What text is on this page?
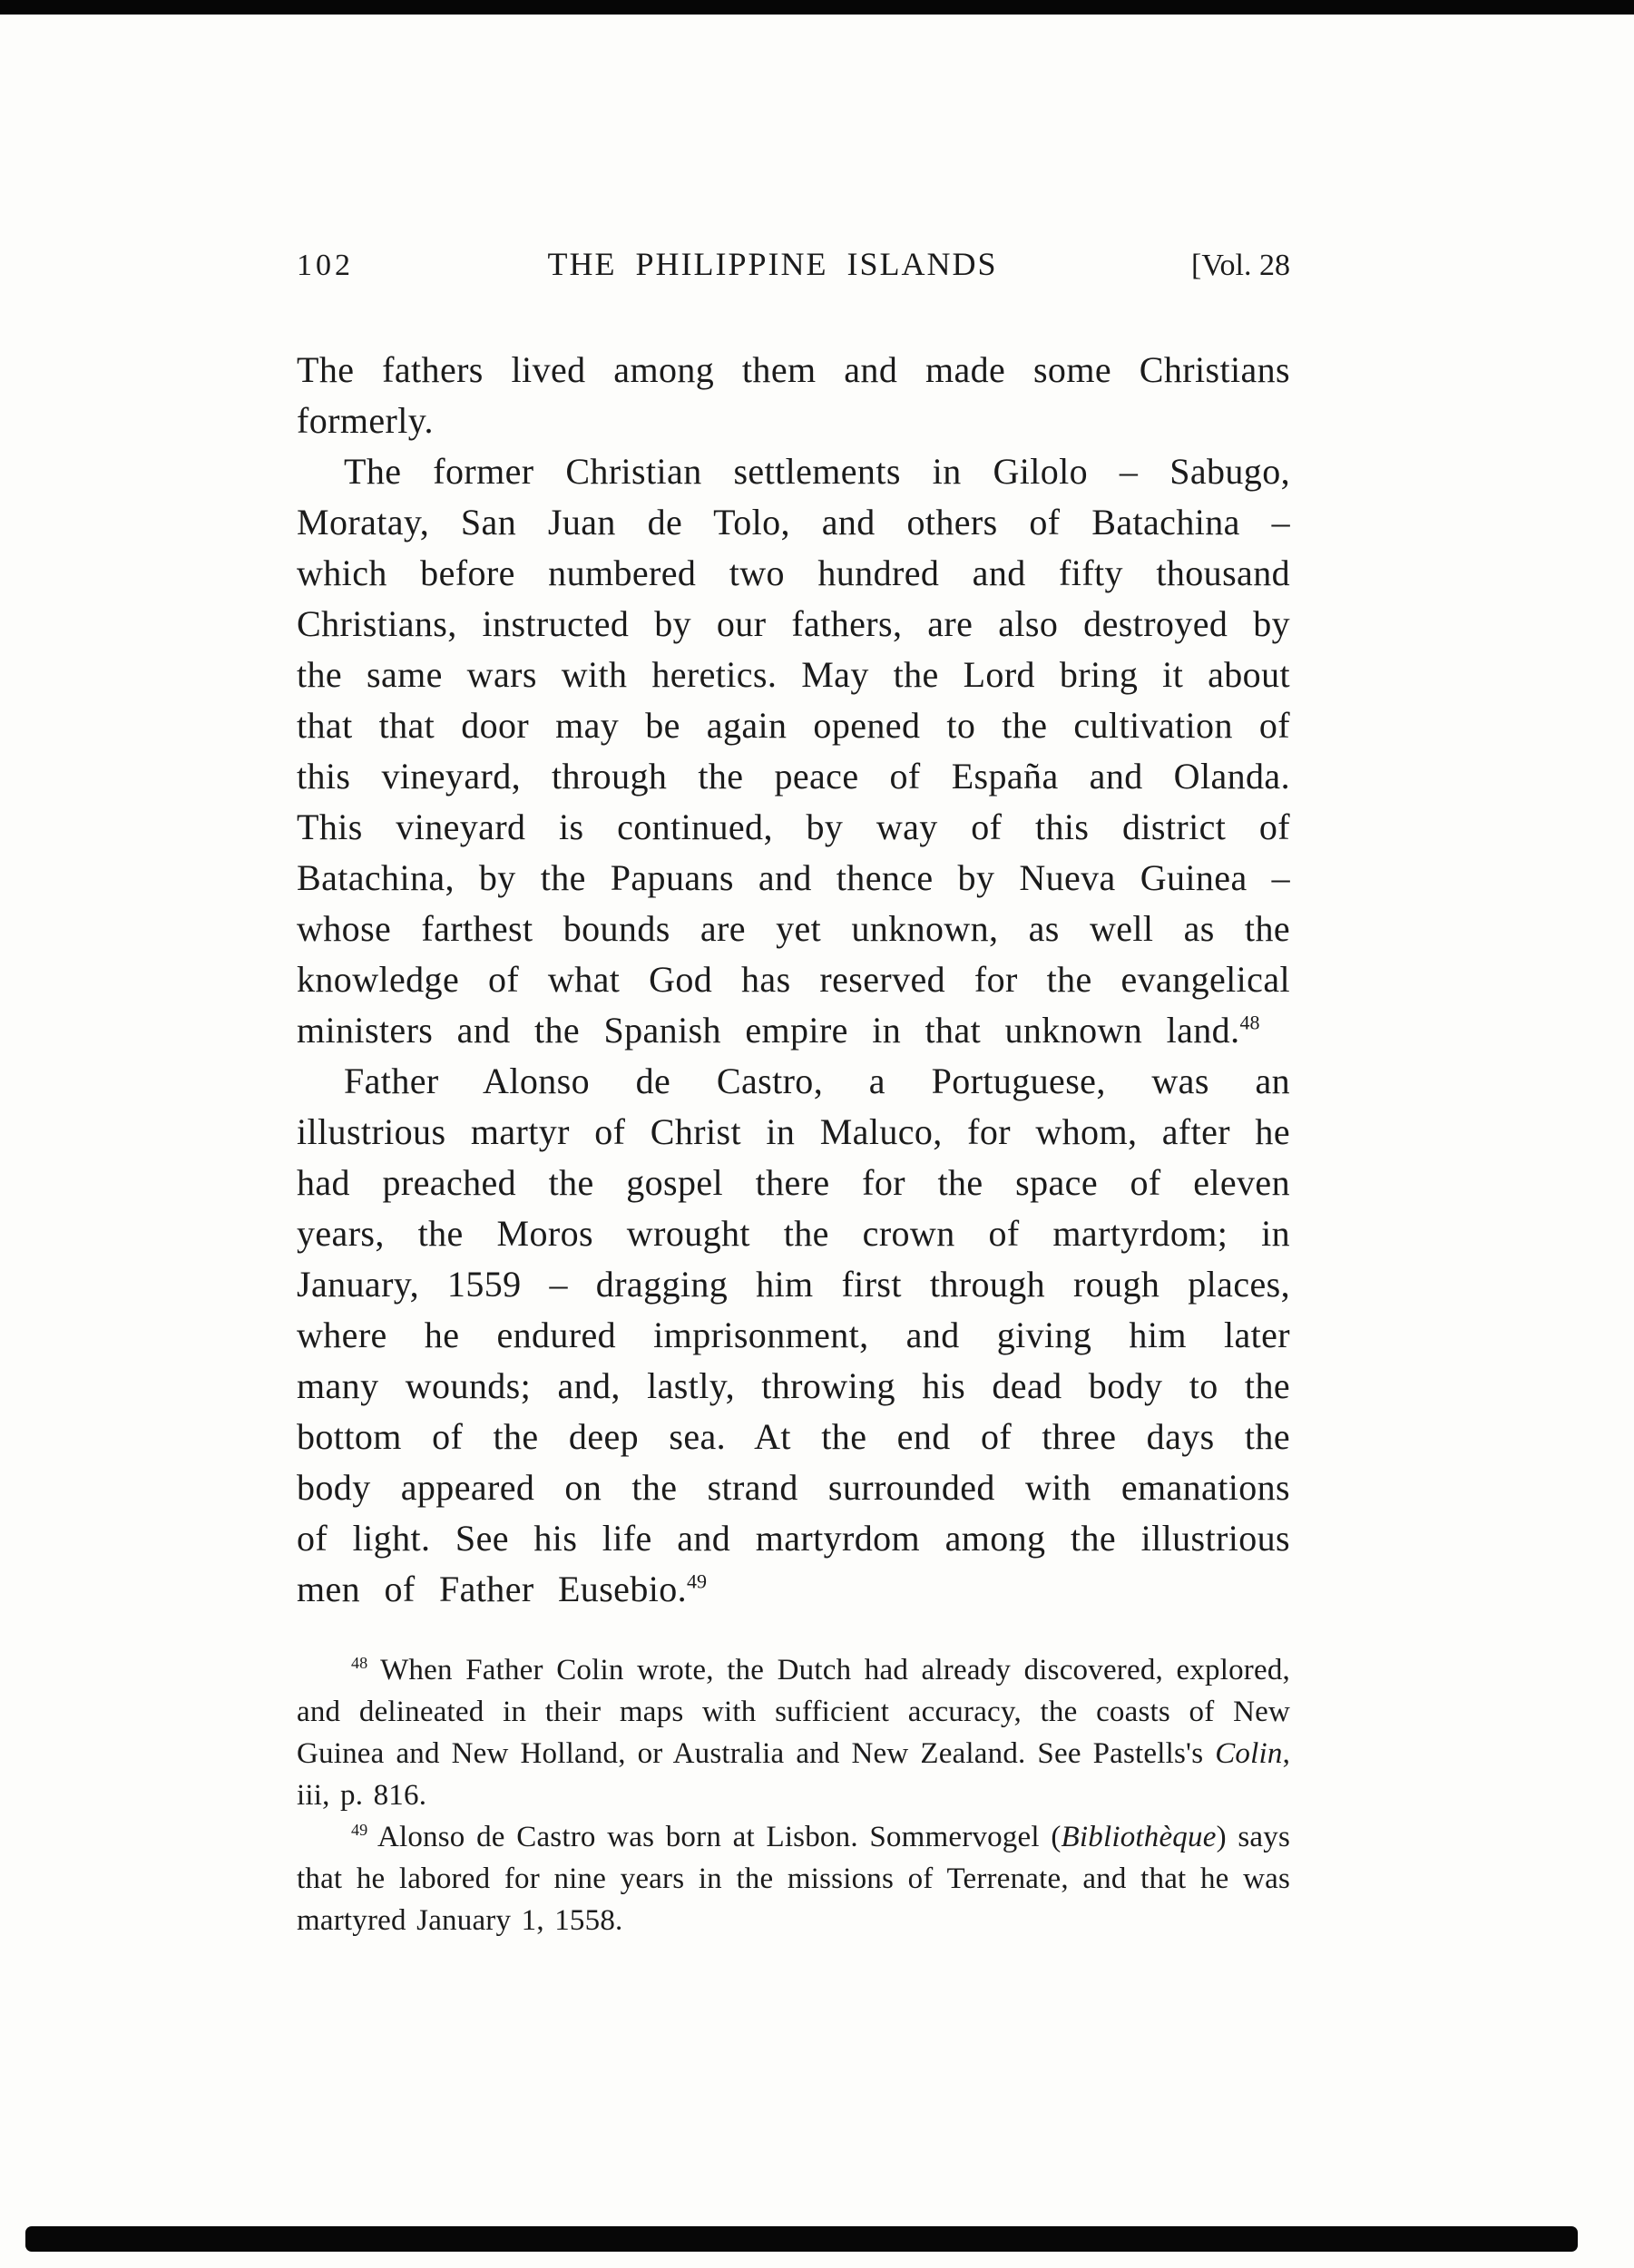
102	THE PHILIPPINE ISLANDS	[Vol. 28

The fathers lived among them and made some Christians formerly.

The former Christian settlements in Gilolo – Sabugo, Moratay, San Juan de Tolo, and others of Batachina – which before numbered two hundred and fifty thousand Christians, instructed by our fathers, are also destroyed by the same wars with heretics. May the Lord bring it about that that door may be again opened to the cultivation of this vineyard, through the peace of España and Olanda. This vineyard is continued, by way of this district of Batachina, by the Papuans and thence by Nueva Guinea – whose farthest bounds are yet unknown, as well as the knowledge of what God has reserved for the evangelical ministers and the Spanish empire in that unknown land.$^{48}$

Father Alonso de Castro, a Portuguese, was an illustrious martyr of Christ in Maluco, for whom, after he had preached the gospel there for the space of eleven years, the Moros wrought the crown of martyrdom; in January, 1559 – dragging him first through rough places, where he endured imprisonment, and giving him later many wounds; and, lastly, throwing his dead body to the bottom of the deep sea. At the end of three days the body appeared on the strand surrounded with emanations of light. See his life and martyrdom among the illustrious men of Father Eusebio.$^{49}$

$^{48}$ When Father Colin wrote, the Dutch had already discovered, explored, and delineated in their maps with sufficient accuracy, the coasts of New Guinea and New Holland, or Australia and New Zealand. See Pastells's Colin, iii, p. 816.

$^{49}$ Alonso de Castro was born at Lisbon. Sommervogel (Bibliothèque) says that he labored for nine years in the missions of Terrenate, and that he was martyred January 1, 1558.
